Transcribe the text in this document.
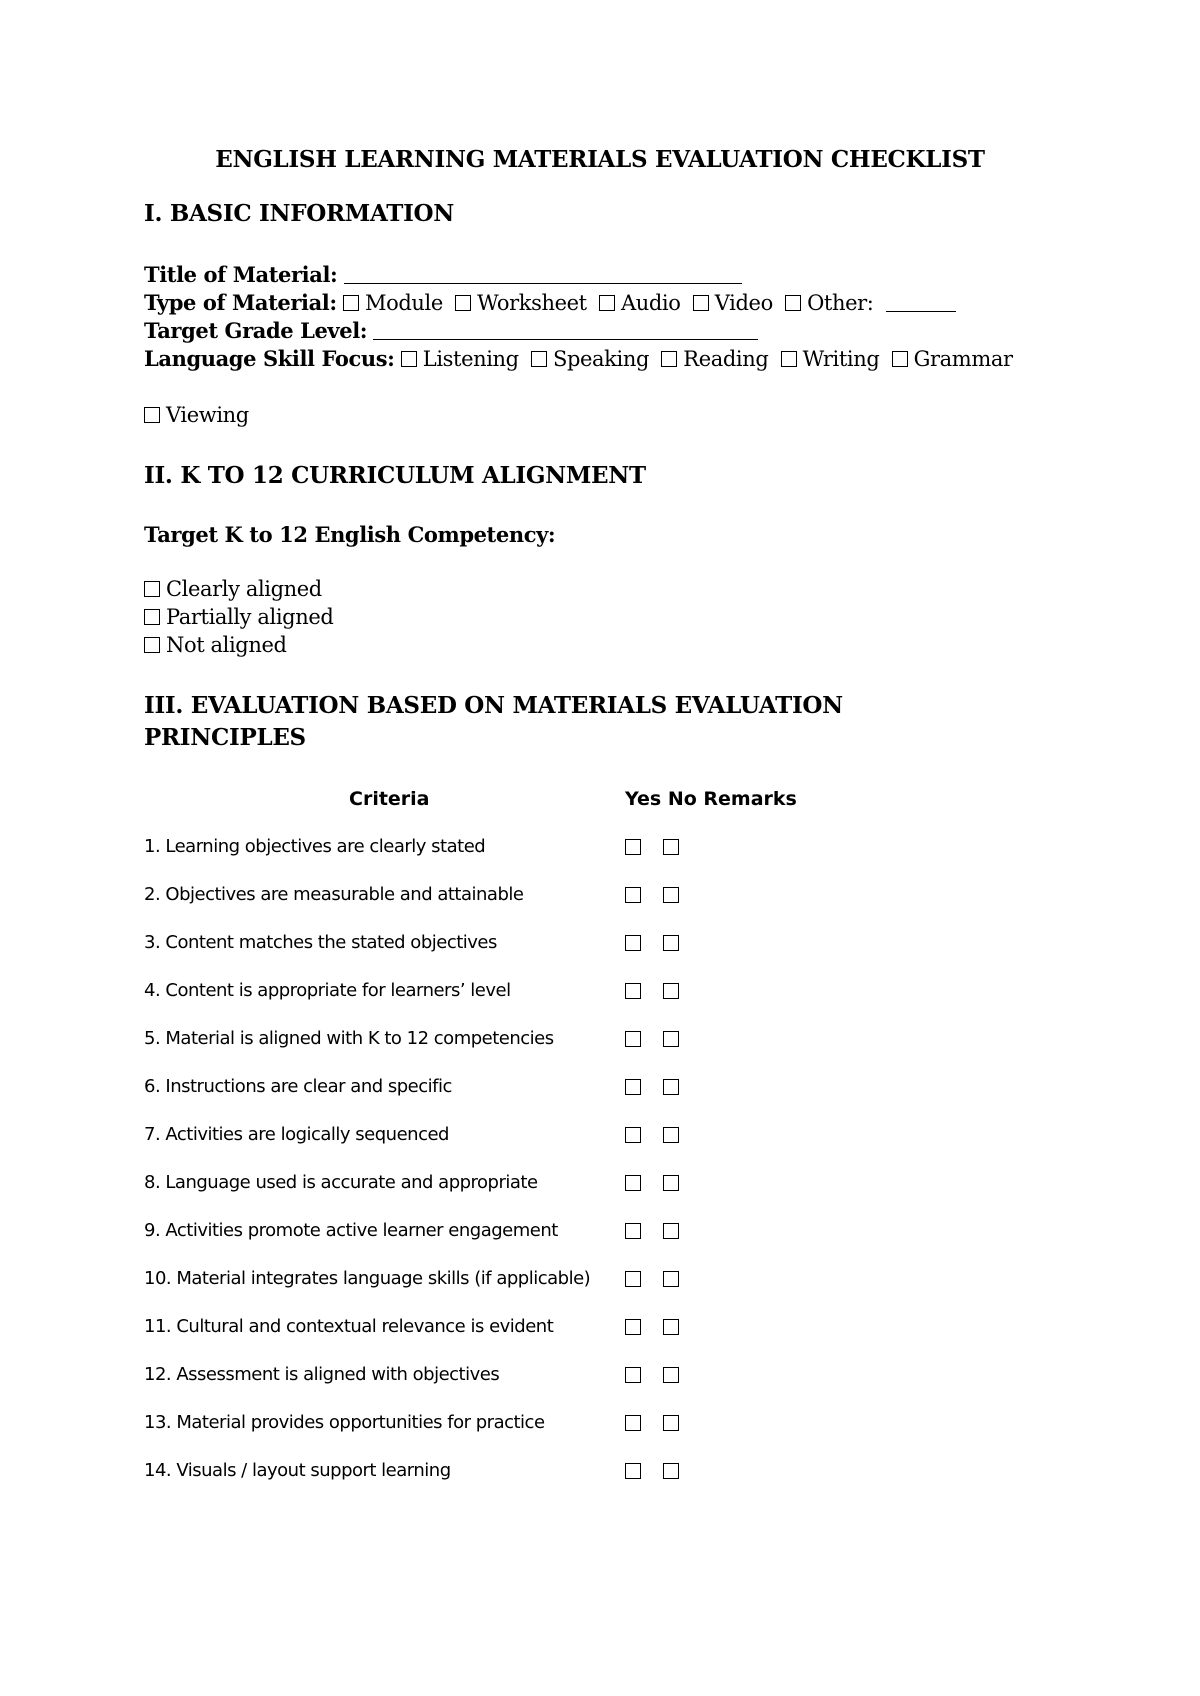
ENGLISH LEARNING MATERIALS EVALUATION CHECKLIST
I. BASIC INFORMATION
Title of Material:
Type of Material: Module Worksheet Audio Video Other:
Target Grade Level:
Language Skill Focus: Listening Speaking Reading Writing Grammar
Viewing
II. K TO 12 CURRICULUM ALIGNMENT
Target K to 12 English Competency:
Clearly aligned
Partially aligned
Not aligned
III. EVALUATION BASED ON MATERIALS EVALUATION
PRINCIPLES
Criteria	Yes No Remarks
1. Learning objectives are clearly stated
2. Objectives are measurable and attainable
3. Content matches the stated objectives
4. Content is appropriate for learners’ level
5. Material is aligned with K to 12 competencies
6. Instructions are clear and specific
7. Activities are logically sequenced
8. Language used is accurate and appropriate
9. Activities promote active learner engagement
10. Material integrates language skills (if applicable)
11. Cultural and contextual relevance is evident
12. Assessment is aligned with objectives
13. Material provides opportunities for practice
14. Visuals / layout support learning
